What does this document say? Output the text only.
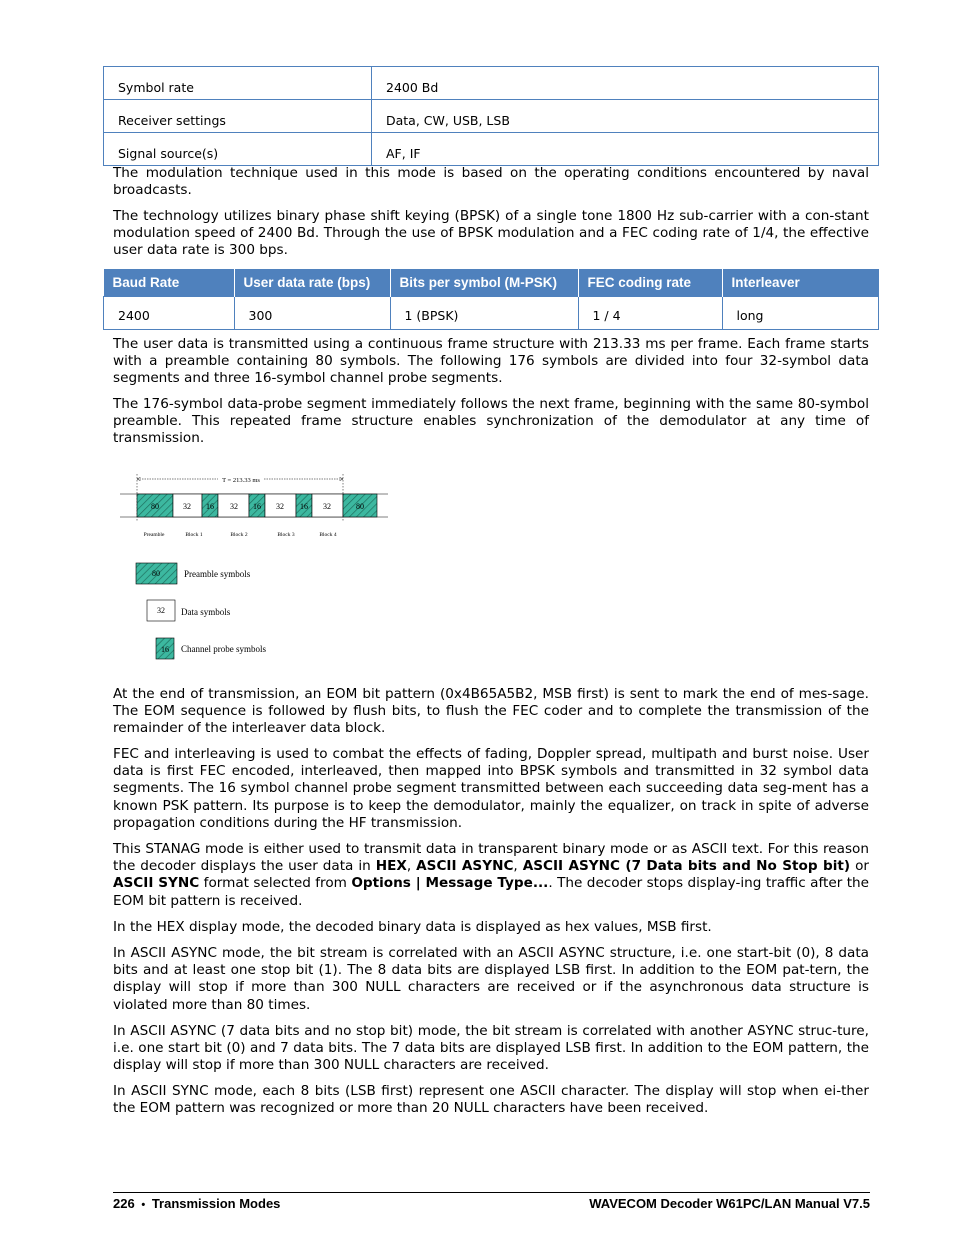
Symbol rate	2400 Bd
Receiver settings	Data, CW, USB, LSB
Signal source(s)	AF, IF

The modulation technique used in this mode is based on the operating conditions encountered by naval broadcasts.

The technology utilizes binary phase shift keying (BPSK) of a single tone 1800 Hz sub-carrier with a con-stant modulation speed of 2400 Bd. Through the use of BPSK modulation and a FEC coding rate of 1/4, the effective user data rate is 300 bps.

Baud Rate	User data rate (bps)	Bits per symbol (M-PSK)	FEC coding rate	Interleaver
2400	300	1 (BPSK)	1 / 4	long

The user data is transmitted using a continuous frame structure with 213.33 ms per frame. Each frame starts with a preamble containing 80 symbols. The following 176 symbols are divided into four 32-symbol data segments and three 16-symbol channel probe segments.

The 176-symbol data-probe segment immediately follows the next frame, beginning with the same 80-symbol preamble. This repeated frame structure enables synchronization of the demodulator at any time of transmission.

T = 213.33 ms
80	32 16 32 16 32 16 32	80
Preamble	Block 1	Block 2	Block 3	Block 4
80	Preamble symbols
32 Data symbols
16 Channel probe symbols

At the end of transmission, an EOM bit pattern (0x4B65A5B2, MSB first) is sent to mark the end of mes-sage. The EOM sequence is followed by flush bits, to flush the FEC coder and to complete the transmission of the remainder of the interleaver data block.

FEC and interleaving is used to combat the effects of fading, Doppler spread, multipath and burst noise. User data is first FEC encoded, interleaved, then mapped into BPSK symbols and transmitted in 32 symbol data segments. The 16 symbol channel probe segment transmitted between each succeeding data seg-ment has a known PSK pattern. Its purpose is to keep the demodulator, mainly the equalizer, on track in spite of adverse propagation conditions during the HF transmission.

This STANAG mode is either used to transmit data in transparent binary mode or as ASCII text. For this reason the decoder displays the user data in HEX, ASCII ASYNC, ASCII ASYNC (7 Data bits and No Stop bit) or ASCII SYNC format selected from Options | Message Type.... The decoder stops display-ing traffic after the EOM bit pattern is received.

In the HEX display mode, the decoded binary data is displayed as hex values, MSB first.

In ASCII ASYNC mode, the bit stream is correlated with an ASCII ASYNC structure, i.e. one start-bit (0), 8 data bits and at least one stop bit (1). The 8 data bits are displayed LSB first. In addition to the EOM pat-tern, the display will stop if more than 300 NULL characters are received or if the asynchronous data structure is violated more than 80 times.

In ASCII ASYNC (7 data bits and no stop bit) mode, the bit stream is correlated with another ASYNC struc-ture, i.e. one start bit (0) and 7 data bits. The 7 data bits are displayed LSB first. In addition to the EOM pattern, the display will stop if more than 300 NULL characters are received.

In ASCII SYNC mode, each 8 bits (LSB first) represent one ASCII character. The display will stop when ei-ther the EOM pattern was recognized or more than 20 NULL characters have been received.

226 • Transmission Modes	WAVECOM Decoder W61PC/LAN Manual V7.5
